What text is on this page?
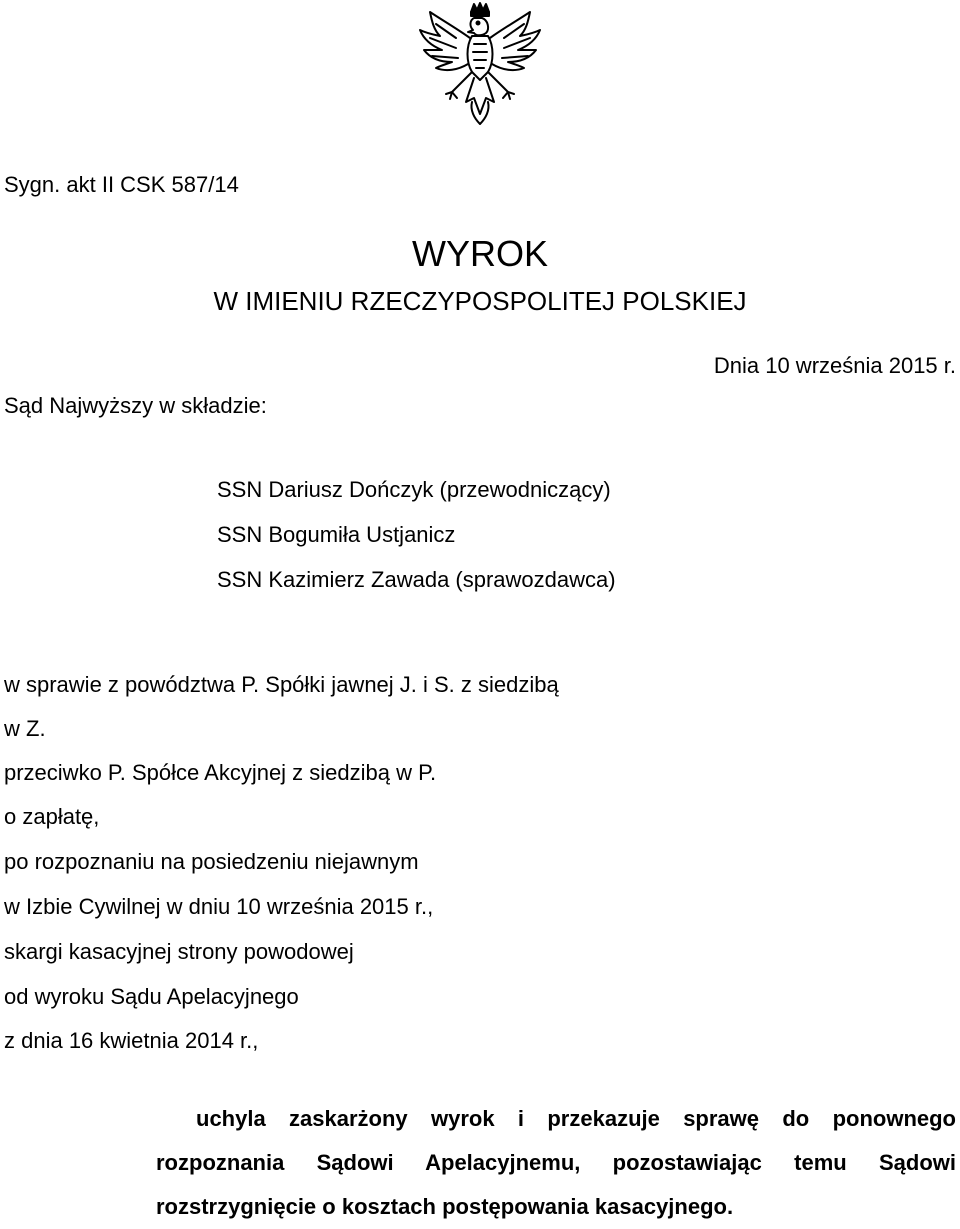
Sygn. akt II CSK 587/14

WYROK
W IMIENIU RZECZYPOSPOLITEJ POLSKIEJ

Dnia 10 września 2015 r.

Sąd Najwyższy w składzie:

SSN Dariusz Dończyk (przewodniczący)

SSN Bogumiła Ustjanicz

SSN Kazimierz Zawada (sprawozdawca)

w sprawie z powództwa P. Spółki jawnej J. i S. z siedzibą

w Z.

przeciwko P. Spółce Akcyjnej z siedzibą w P.

o zapłatę,

po rozpoznaniu na posiedzeniu niejawnym

w Izbie Cywilnej w dniu 10 września 2015 r.,

skargi kasacyjnej strony powodowej

od wyroku Sądu Apelacyjnego

z dnia 16 kwietnia 2014 r.,

uchyla zaskarżony wyrok i przekazuje sprawę do ponownego rozpoznania Sądowi Apelacyjnemu, pozostawiając temu Sądowi rozstrzygnięcie o kosztach postępowania kasacyjnego.
